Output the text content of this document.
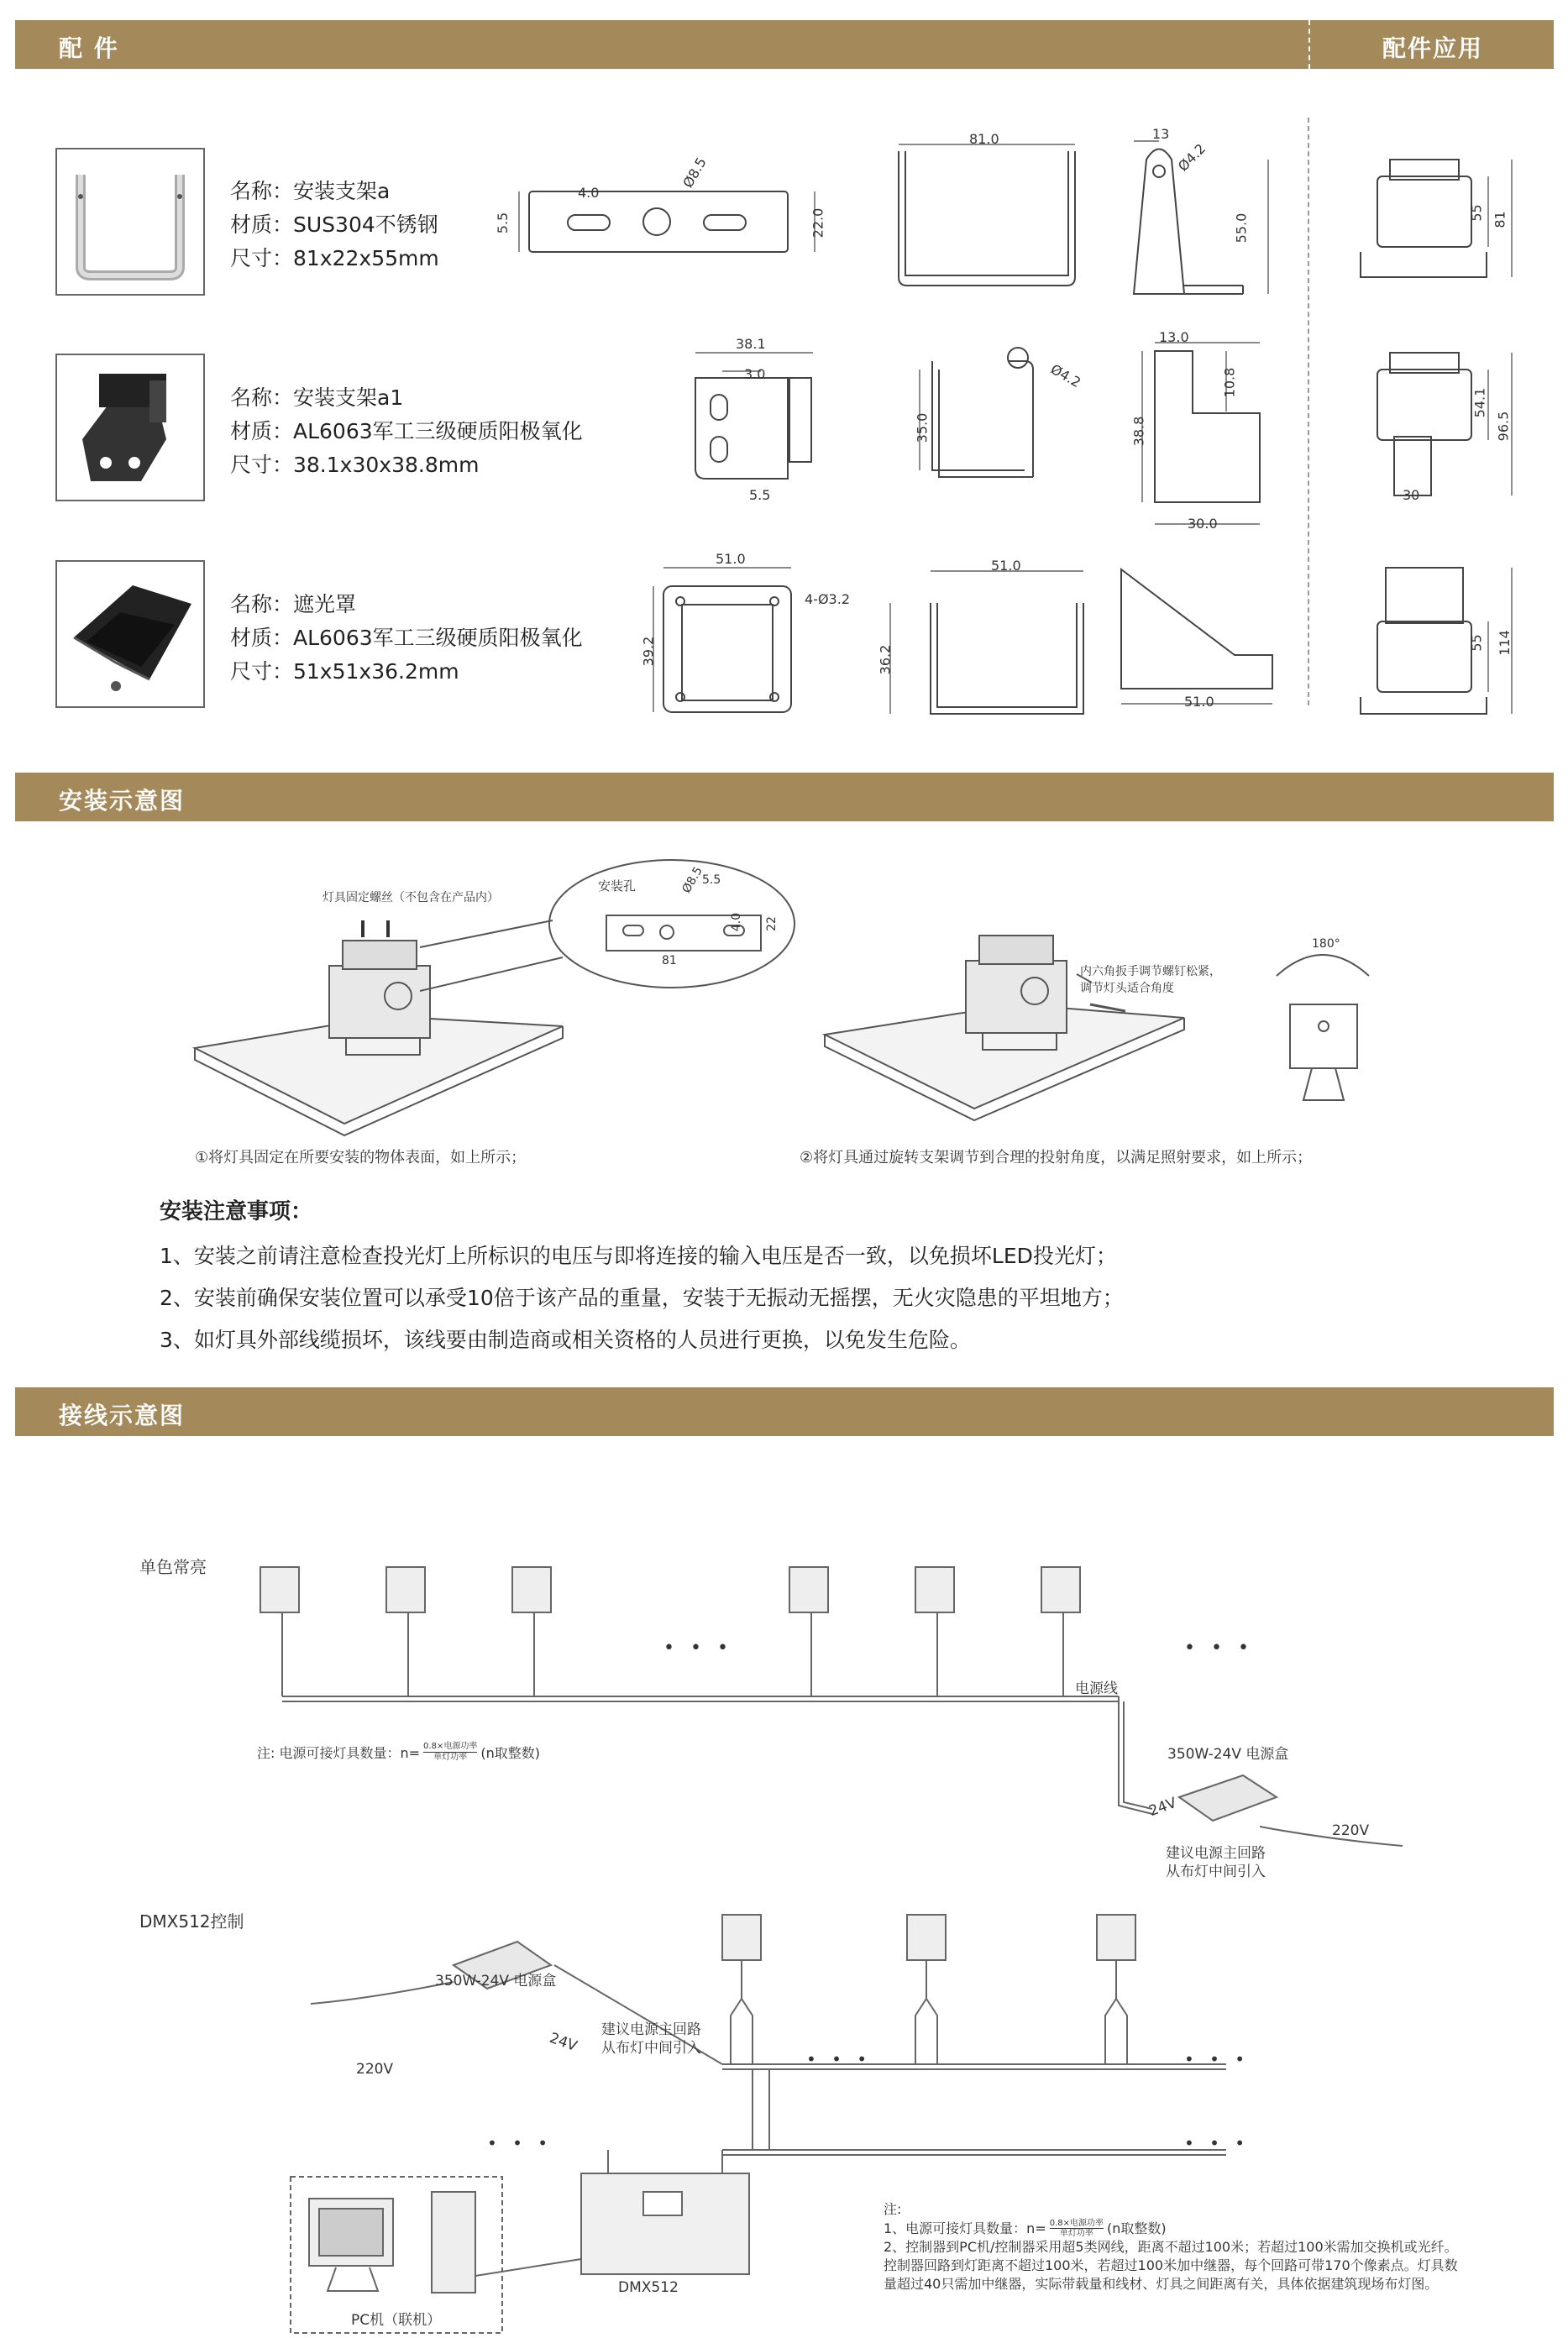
配 件	配件应用
安装示意图
接线示意图
名称：安装支架a
材质：SUS304不锈钢
尺寸：81x22x55mm
名称：安装支架a1
材质：AL6063军工三级硬质阳极氧化
尺寸：38.1x30x38.8mm
名称：遮光罩
材质：AL6063军工三级硬质阳极氧化
尺寸：51x51x36.2mm
4.0
Ø8.5
5.5	22.0
81.0	13
Ø4.2
55.0
55 81
38.1
3.0
5.5
Ø4.2
35.0
13.0
10.8
38.8
30.0
54.1
96.5
30
51.0
4-Ø3.2
39.2
51.0
36.2
51.0
55 114
灯具固定螺丝（不包含在产品内）
安装孔	Ø8.5
5.5
4.0 22
81
内六角扳手调节螺钉松紧，
调节灯头适合角度
180°
①将灯具固定在所要安装的物体表面，如上所示；	②将灯具通过旋转支架调节到合理的投射角度，以满足照射要求，如上所示；
安装注意事项：
1、安装之前请注意检查投光灯上所标识的电压与即将连接的输入电压是否一致，以免损坏LED投光灯；
2、安装前确保安装位置可以承受10倍于该产品的重量，安装于无振动无摇摆，无火灾隐患的平坦地方；
3、如灯具外部线缆损坏，该线要由制造商或相关资格的人员进行更换，以免发生危险。
单色常亮
• • •	• • •
电源线
注: 电源可接灯具数量：n= 0.8×电源功率
单灯功率	(n取整数)	350W-24V 电源盒
24V
220V
建议电源主回路
从布灯中间引入
DMX512控制
350W-24V 电源盒
建议电源主回路
从布灯中间引入
24V
220V	• • •	• • •
• • •	• • •
DMX512
PC机（联机）
注:
1、电源可接灯具数量：n= 0.8×电源功率
单灯功率	(n取整数)
2、控制器到PC机/控制器采用超5类网线，距离不超过100米；若超过100米需加交换机或光纤。
控制器回路到灯距离不超过100米，若超过100米加中继器，每个回路可带170个像素点。灯具数
量超过40只需加中继器，实际带载量和线材、灯具之间距离有关，具体依据建筑现场布灯图。
